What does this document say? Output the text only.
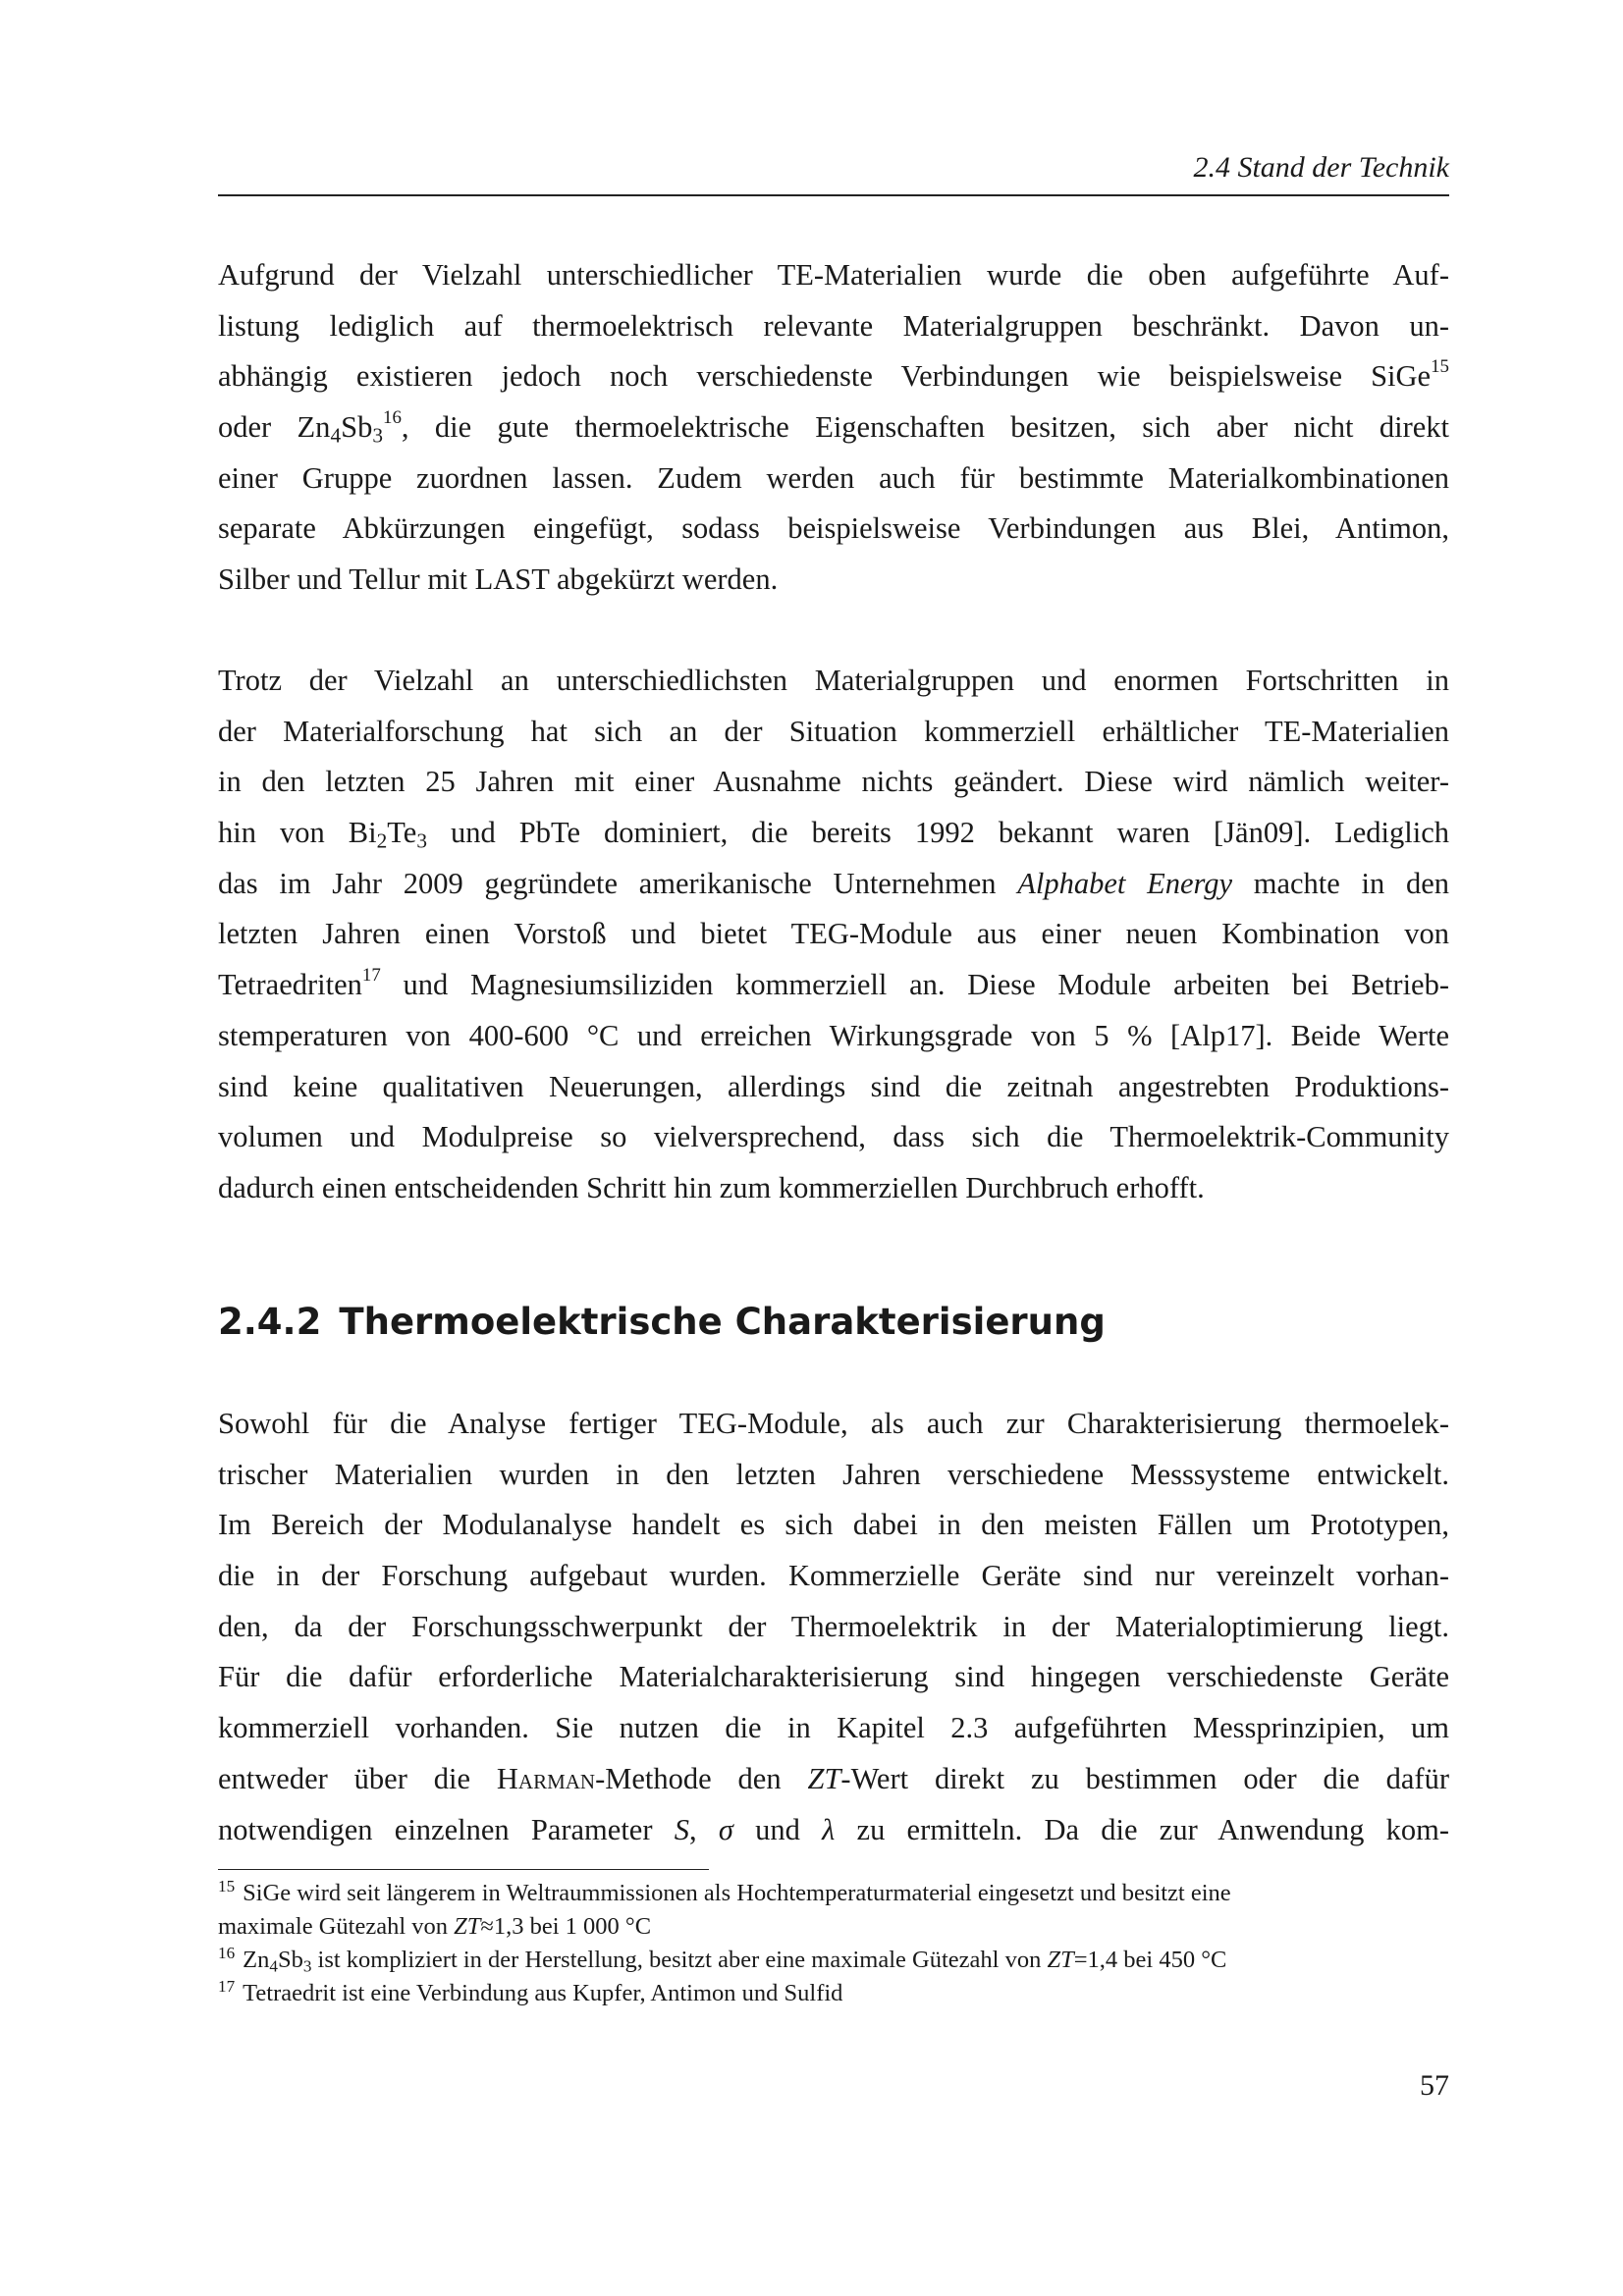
2.4 Stand der Technik
Aufgrund der Vielzahl unterschiedlicher TE-Materialien wurde die oben aufgeführte Auf-
listung lediglich auf thermoelektrisch relevante Materialgruppen beschränkt. Davon un-
abhängig existieren jedoch noch verschiedenste Verbindungen wie beispielsweise SiGe$^{15}$
oder $Zn_4Sb_3^{16}$, die gute thermoelektrische Eigenschaften besitzen, sich aber nicht direkt
einer Gruppe zuordnen lassen. Zudem werden auch für bestimmte Materialkombinationen
separate Abkürzungen eingefügt, sodass beispielsweise Verbindungen aus Blei, Antimon,
Silber und Tellur mit LAST abgekürzt werden.
Trotz der Vielzahl an unterschiedlichsten Materialgruppen und enormen Fortschritten in
der Materialforschung hat sich an der Situation kommerziell erhältlicher TE-Materialien
in den letzten 25 Jahren mit einer Ausnahme nichts geändert. Diese wird nämlich weiter-
hin von $Bi_2Te_3$ und PbTe dominiert, die bereits 1992 bekannt waren [Jän09]. Lediglich
das im Jahr 2009 gegründete amerikanische Unternehmen Alphabet Energy machte in den
letzten Jahren einen Vorstoß und bietet TEG-Module aus einer neuen Kombination von
Tetraedriten$^{17}$ und Magnesiumsiliziden kommerziell an. Diese Module arbeiten bei Betrieb-
stemperaturen von 400-600 °C und erreichen Wirkungsgrade von 5 % [Alp17]. Beide Werte
sind keine qualitativen Neuerungen, allerdings sind die zeitnah angestrebten Produktions-
volumen und Modulpreise so vielversprechend, dass sich die Thermoelektrik-Community
dadurch einen entscheidenden Schritt hin zum kommerziellen Durchbruch erhofft.
2.4.2 Thermoelektrische Charakterisierung
Sowohl für die Analyse fertiger TEG-Module, als auch zur Charakterisierung thermoelek-
trischer Materialien wurden in den letzten Jahren verschiedene Messsysteme entwickelt.
Im Bereich der Modulanalyse handelt es sich dabei in den meisten Fällen um Prototypen,
die in der Forschung aufgebaut wurden. Kommerzielle Geräte sind nur vereinzelt vorhan-
den, da der Forschungsschwerpunkt der Thermoelektrik in der Materialoptimierung liegt.
Für die dafür erforderliche Materialcharakterisierung sind hingegen verschiedenste Geräte
kommerziell vorhanden. Sie nutzen die in Kapitel 2.3 aufgeführten Messprinzipien, um
entweder über die Harman-Methode den ZT-Wert direkt zu bestimmen oder die dafür
notwendigen einzelnen Parameter S, σ und λ zu ermitteln. Da die zur Anwendung kom-
$^{15}$ SiGe wird seit längerem in Weltraummissionen als Hochtemperaturmaterial eingesetzt und besitzt eine
maximale Gütezahl von ZT≈1,3 bei 1 000 °C
$^{16}$ $Zn_4Sb_3$ ist kompliziert in der Herstellung, besitzt aber eine maximale Gütezahl von ZT=1,4 bei 450 °C
$^{17}$ Tetraedrit ist eine Verbindung aus Kupfer, Antimon und Sulfid
57
